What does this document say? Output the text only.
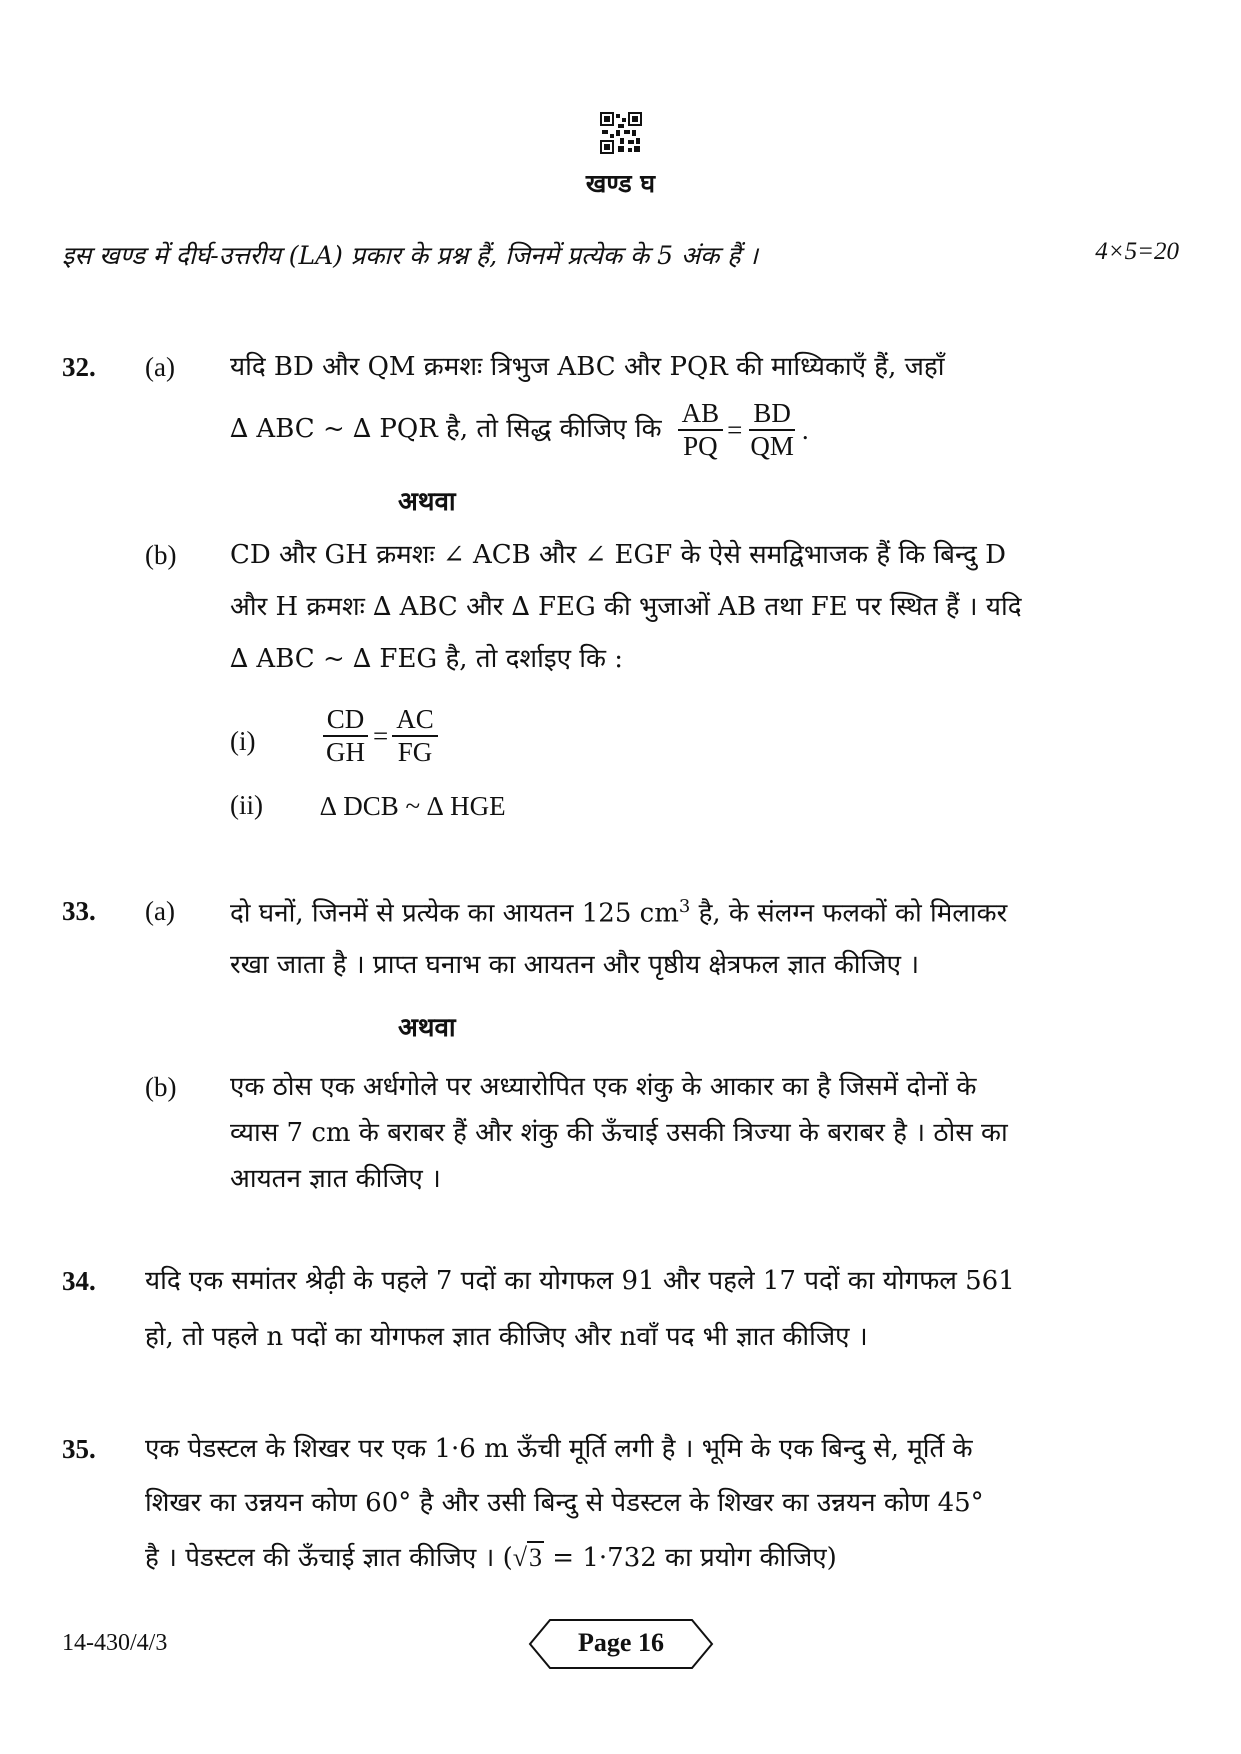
खण्ड घ
इस खण्ड में दीर्घ-उत्तरीय (LA) प्रकार के प्रश्न हैं, जिनमें प्रत्येक के 5 अंक हैं ।	4×5=20
32. (a) यदि BD और QM क्रमशः त्रिभुज ABC और PQR की माध्यिकाएँ हैं, जहाँ
∆ ABC ~ ∆ PQR है, तो सिद्ध कीजिए कि $\frac{AB}{PQ} = \frac{BD}{QM}$ .
अथवा
(b) CD और GH क्रमशः ∠ ACB और ∠ EGF के ऐसे समद्विभाजक हैं कि बिन्दु D
और H क्रमशः ∆ ABC और ∆ FEG की भुजाओं AB तथा FE पर स्थित हैं । यदि
∆ ABC ~ ∆ FEG है, तो दर्शाइए कि :
$(i) \frac{CD}{GH} = \frac{AC}{FG}$
(ii) ∆ DCB ~ ∆ HGE
33. (a) दो घनों, जिनमें से प्रत्येक का आयतन 125 $cm^3$ है, के संलग्न फलकों को मिलाकर
रखा जाता है । प्राप्त घनाभ का आयतन और पृष्ठीय क्षेत्रफल ज्ञात कीजिए ।
अथवा
(b) एक ठोस एक अर्धगोले पर अध्यारोपित एक शंकु के आकार का है जिसमें दोनों के
व्यास 7 cm के बराबर हैं और शंकु की ऊँचाई उसकी त्रिज्या के बराबर है । ठोस का
आयतन ज्ञात कीजिए ।
34. यदि एक समांतर श्रेढ़ी के पहले 7 पदों का योगफल 91 और पहले 17 पदों का योगफल 561
हो, तो पहले n पदों का योगफल ज्ञात कीजिए और nवाँ पद भी ज्ञात कीजिए ।
35. एक पेडस्टल के शिखर पर एक 1·6 m ऊँची मूर्ति लगी है । भूमि के एक बिन्दु से, मूर्ति के
शिखर का उन्नयन कोण 60° है और उसी बिन्दु से पेडस्टल के शिखर का उन्नयन कोण 45°
है । पेडस्टल की ऊँचाई ज्ञात कीजिए । (√3 = 1·732 का प्रयोग कीजिए)
14-430/4/3	Page 16
